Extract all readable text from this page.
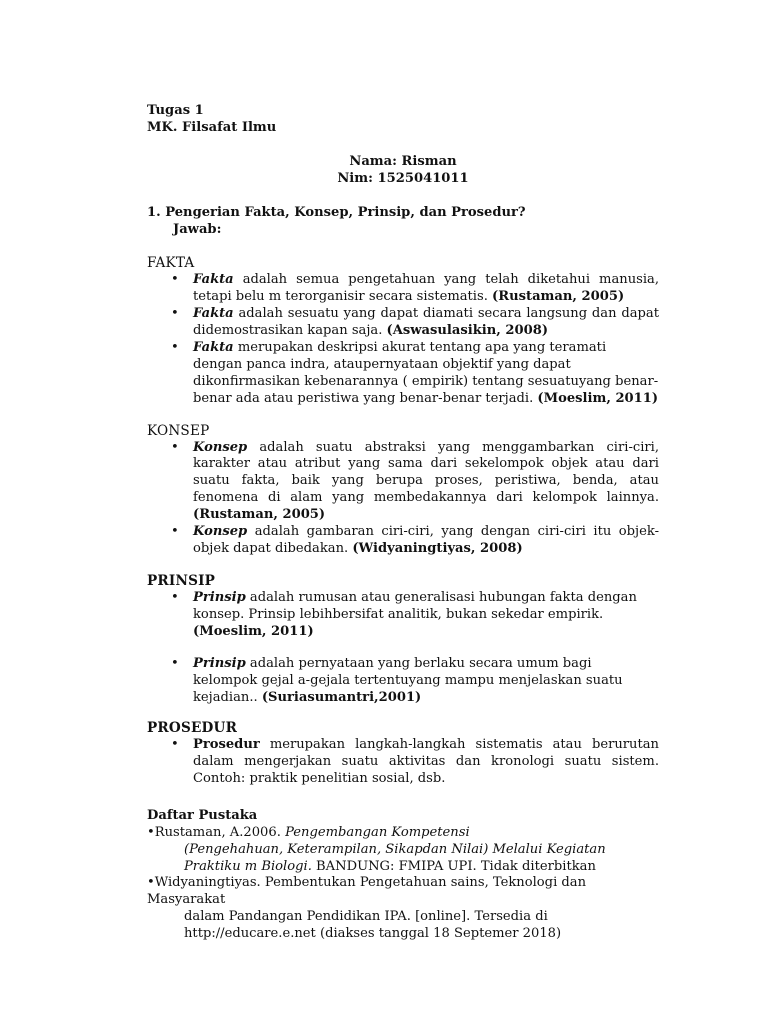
Tugas 1
MK. Filsafat Ilmu
Nama: Risman
Nim: 1525041011
1. Pengerian Fakta, Konsep, Prinsip, dan Prosedur?
Jawab:
FAKTA
• Fakta adalah semua pengetahuan yang telah diketahui manusia, tetapi belu m terorganisir secara sistematis. (Rustaman, 2005)
• Fakta adalah sesuatu yang dapat diamati secara langsung dan dapat didemostrasikan kapan saja. (Aswasulasikin, 2008)
• Fakta merupakan deskripsi akurat tentang apa yang teramati dengan panca indra, ataupernyataan objektif yang dapat dikonfirmasikan kebenarannya ( empirik) tentang sesuatuyang benar-benar ada atau peristiwa yang benar-benar terjadi. (Moeslim, 2011)
KONSEP
• Konsep adalah suatu abstraksi yang menggambarkan ciri-ciri, karakter atau atribut yang sama dari sekelompok objek atau dari suatu fakta, baik yang berupa proses, peristiwa, benda, atau fenomena di alam yang membedakannya dari kelompok lainnya. (Rustaman, 2005)
• Konsep adalah gambaran ciri-ciri, yang dengan ciri-ciri itu objek-objek dapat dibedakan. (Widyaningtiyas, 2008)
PRINSIP
• Prinsip adalah rumusan atau generalisasi hubungan fakta dengan konsep. Prinsip lebihbersifat analitik, bukan sekedar empirik. (Moeslim, 2011)
• Prinsip adalah pernyataan yang berlaku secara umum bagi kelompok gejal a-gejala tertentuyang mampu menjelaskan suatu kejadian.. (Suriasumantri,2001)
PROSEDUR
• Prosedur merupakan langkah-langkah sistematis atau berurutan dalam mengerjakan suatu aktivitas dan kronologi suatu sistem. Contoh: praktik penelitian sosial, dsb.
Daftar Pustaka
•Rustaman, A.2006. Pengembangan Kompetensi
(Pengehahuan, Keterampilan, Sikapdan Nilai) Melalui Kegiatan Praktiku m Biologi. BANDUNG: FMIPA UPI. Tidak diterbitkan
•Widyaningtiyas. Pembentukan Pengetahuan sains, Teknologi dan Masyarakat
dalam Pandangan Pendidikan IPA. [online]. Tersedia di
http://educare.e.net (diakses tanggal 18 Septemer 2018)
